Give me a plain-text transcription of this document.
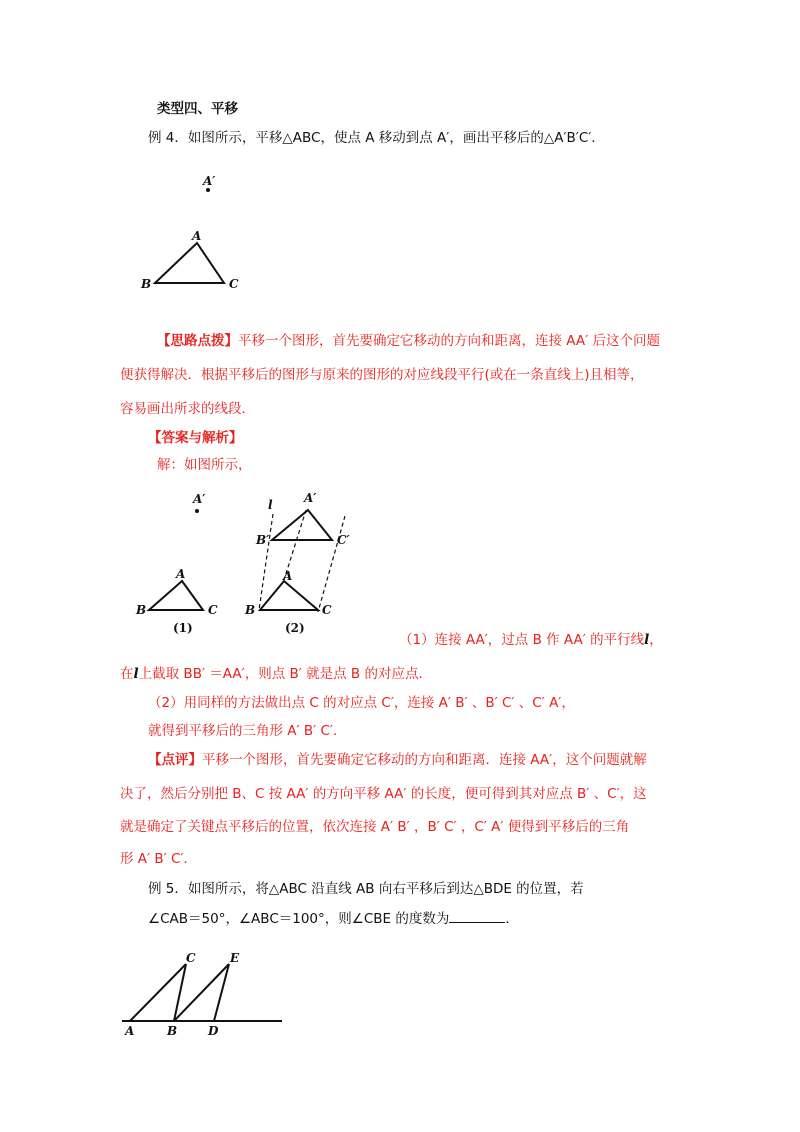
类型四、平移
例 4．如图所示，平移△ABC，使点 A 移动到点 A′，画出平移后的△A′B′C′．
A′
A
B	C
【思路点拨】平移一个图形，首先要确定它移动的方向和距离，连接 AA′ 后这个问题
便获得解决．根据平移后的图形与原来的图形的对应线段平行(或在一条直线上)且相等，
容易画出所求的线段．
【答案与解析】
解：如图所示，
A′
A
B	C
(1)
l	A′
B′	C′
A
B	C
(2)
（1）连接 AA′，过点 B 作 AA′ 的平行线l，
在l上截取 BB′ ＝AA′，则点 B′ 就是点 B 的对应点．
（2）用同样的方法做出点 C 的对应点 C′，连接 A′ B′ 、B′ C′ 、C′ A′，
就得到平移后的三角形 A′ B′ C′．
【点评】平移一个图形，首先要确定它移动的方向和距离．连接 AA′，这个问题就解
决了，然后分别把 B、C 按 AA′ 的方向平移 AA′ 的长度，便可得到其对应点 B′ 、C′，这
就是确定了关键点平移后的位置，依次连接 A′ B′ ，B′ C′ ，C′ A′ 便得到平移后的三角
形 A′ B′ C′．
例 5．如图所示，将△ABC 沿直线 AB 向右平移后到达△BDE 的位置，若
∠CAB＝50°，∠ABC＝100°，则∠CBE 的度数为	．
C	E
A	B	D
